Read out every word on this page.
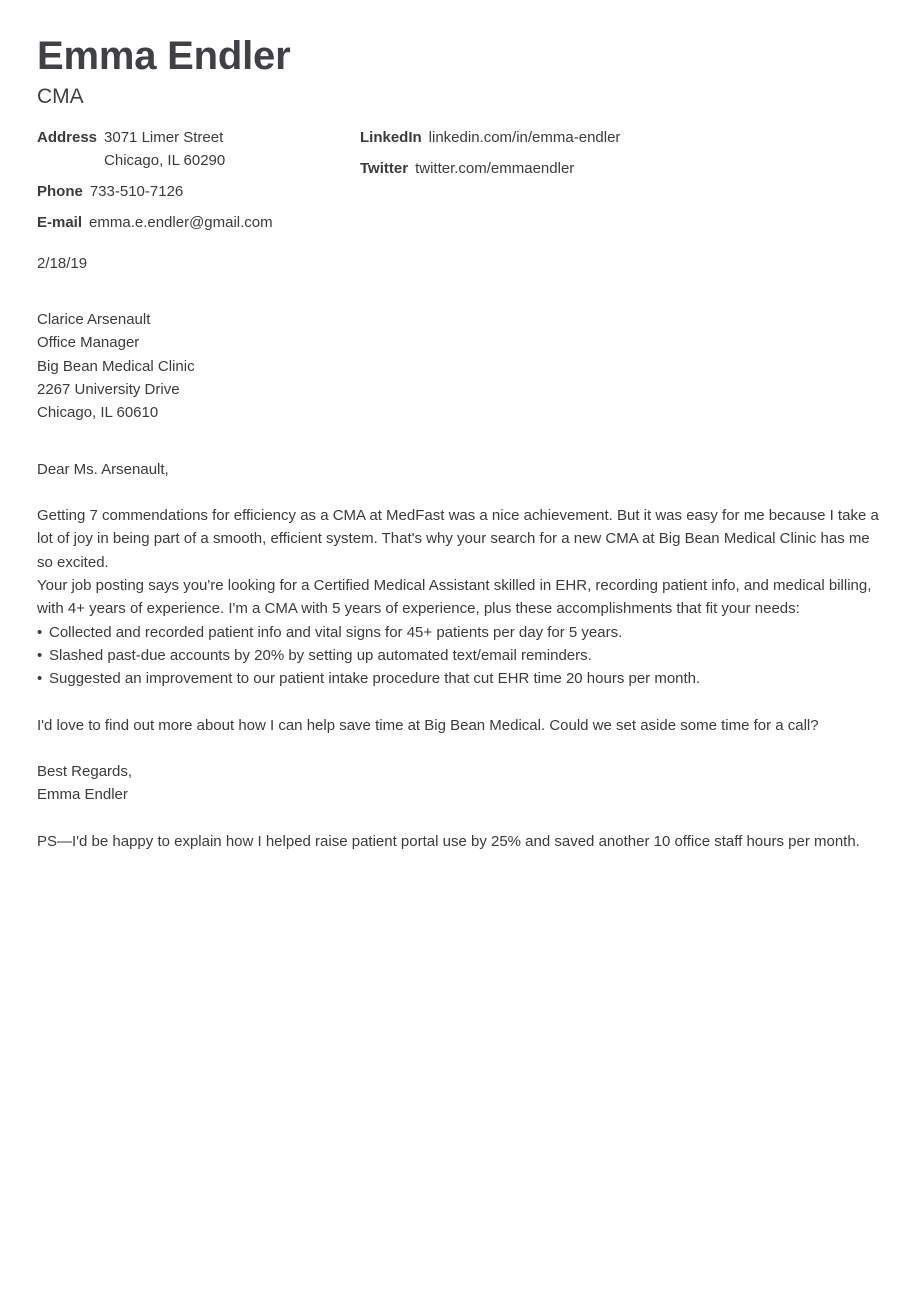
Emma Endler
CMA
Address 3071 Limer Street
Chicago, IL 60290
Phone 733-510-7126
E-mail emma.e.endler@gmail.com
LinkedIn linkedin.com/in/emma-endler
Twitter twitter.com/emmaendler
2/18/19
Clarice Arsenault
Office Manager
Big Bean Medical Clinic
2267 University Drive
Chicago, IL 60610
Dear Ms. Arsenault,

Getting 7 commendations for efficiency as a CMA at MedFast was a nice achievement. But it was easy for me because I take a lot of joy in being part of a smooth, efficient system. That's why your search for a new CMA at Big Bean Medical Clinic has me so excited.

Your job posting says you're looking for a Certified Medical Assistant skilled in EHR, recording patient info, and medical billing, with 4+ years of experience. I'm a CMA with 5 years of experience, plus these accomplishments that fit your needs:

• Collected and recorded patient info and vital signs for 45+ patients per day for 5 years.
• Slashed past-due accounts by 20% by setting up automated text/email reminders.
• Suggested an improvement to our patient intake procedure that cut EHR time 20 hours per month.

I'd love to find out more about how I can help save time at Big Bean Medical. Could we set aside some time for a call?

Best Regards,
Emma Endler

PS—I'd be happy to explain how I helped raise patient portal use by 25% and saved another 10 office staff hours per month.
